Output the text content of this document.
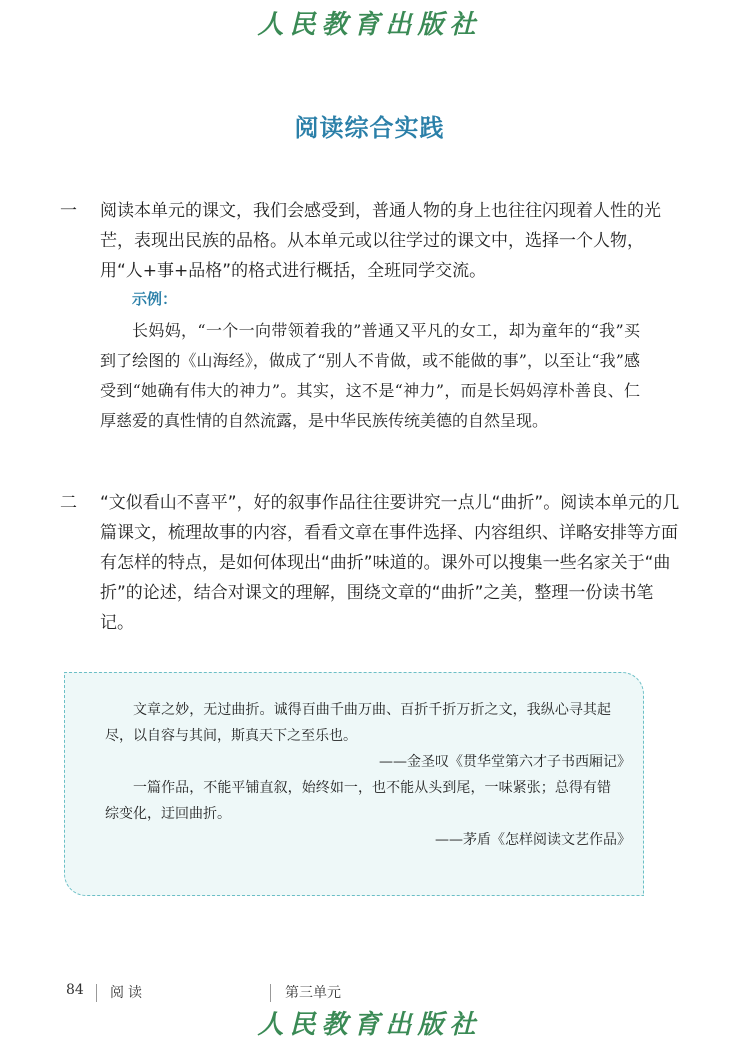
人民教育出版社
阅读综合实践
一	阅读本单元的课文，我们会感受到，普通人物的身上也往往闪现着人性的光芒，表现出民族的品格。从本单元或以往学过的课文中，选择一个人物，用“人+事+品格”的格式进行概括，全班同学交流。
示例：
长妈妈，“一个一向带领着我的”普通又平凡的女工，却为童年的“我”买到了绘图的《山海经》，做成了“别人不肯做，或不能做的事”，以至让“我”感受到“她确有伟大的神力”。其实，这不是“神力”，而是长妈妈淳朴善良、仁厚慈爱的真性情的自然流露，是中华民族传统美德的自然呈现。
二	“文似看山不喜平”，好的叙事作品往往要讲究一点儿“曲折”。阅读本单元的几篇课文，梳理故事的内容，看看文章在事件选择、内容组织、详略安排等方面有怎样的特点，是如何体现出“曲折”味道的。课外可以搜集一些名家关于“曲折”的论述，结合对课文的理解，围绕文章的“曲折”之美，整理一份读书笔记。
文章之妙，无过曲折。诚得百曲千曲万曲、百折千折万折之文，我纵心寻其起尽，以自容与其间，斯真天下之至乐也。
——金圣叹《贯华堂第六才子书西厢记》
一篇作品，不能平铺直叙，始终如一，也不能从头到尾，一味紧张；总得有错综变化，迂回曲折。
——茅盾《怎样阅读文艺作品》
84 阅读	第三单元
人民教育出版社
